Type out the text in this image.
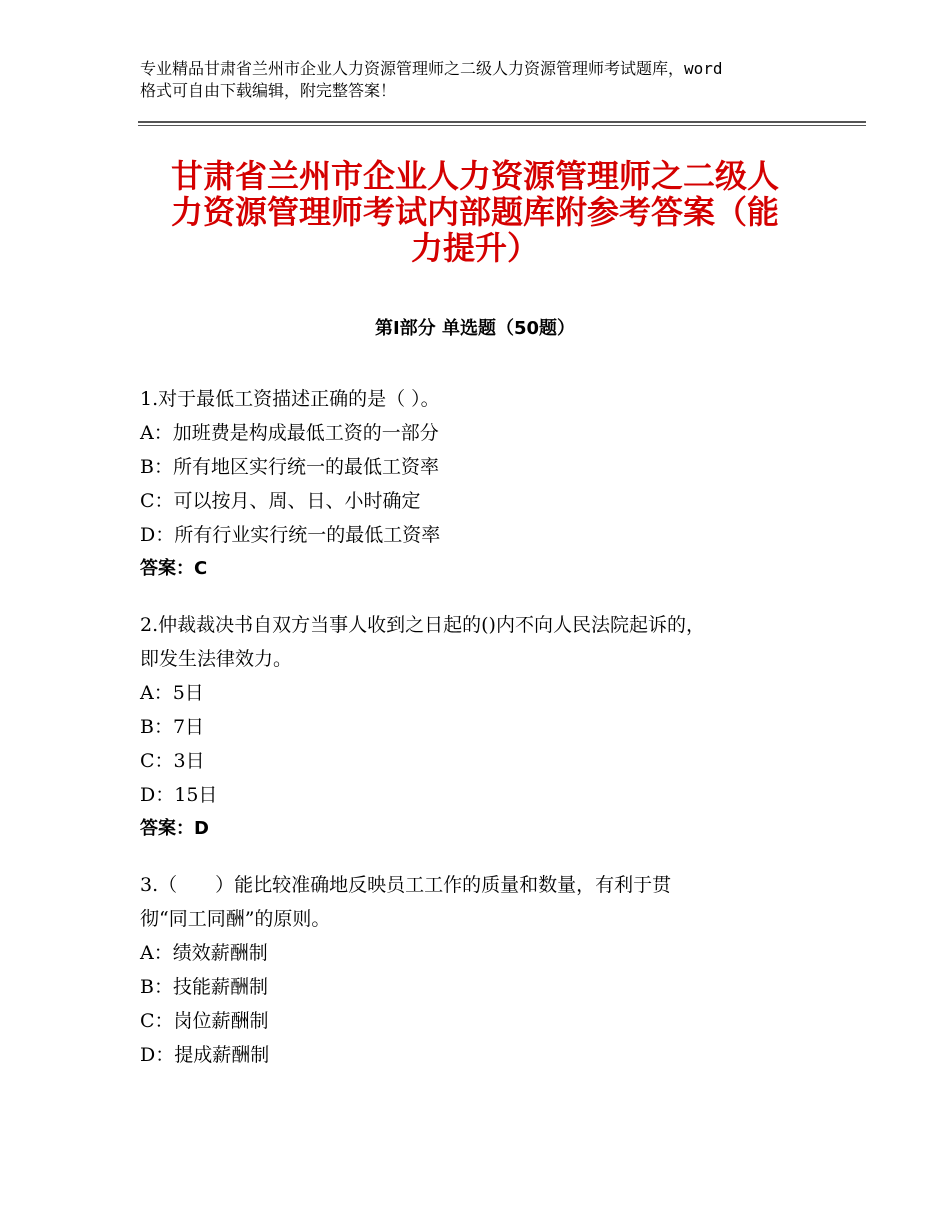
专业精品甘肃省兰州市企业人力资源管理师之二级人力资源管理师考试题库，word
格式可自由下载编辑，附完整答案！
甘肃省兰州市企业人力资源管理师之二级人
力资源管理师考试内部题库附参考答案（能
力提升）
第Ⅰ部分 单选题（50题）
1.对于最低工资描述正确的是（ ）。
A：加班费是构成最低工资的一部分
B：所有地区实行统一的最低工资率
C：可以按月、周、日、小时确定
D：所有行业实行统一的最低工资率
答案：C
2.仲裁裁决书自双方当事人收到之日起的()内不向人民法院起诉的，
即发生法律效力。
A：5日
B：7日
C：3日
D：15日
答案：D
3.（　　）能比较准确地反映员工工作的质量和数量，有利于贯
彻“同工同酬”的原则。
A：绩效薪酬制
B：技能薪酬制
C：岗位薪酬制
D：提成薪酬制
